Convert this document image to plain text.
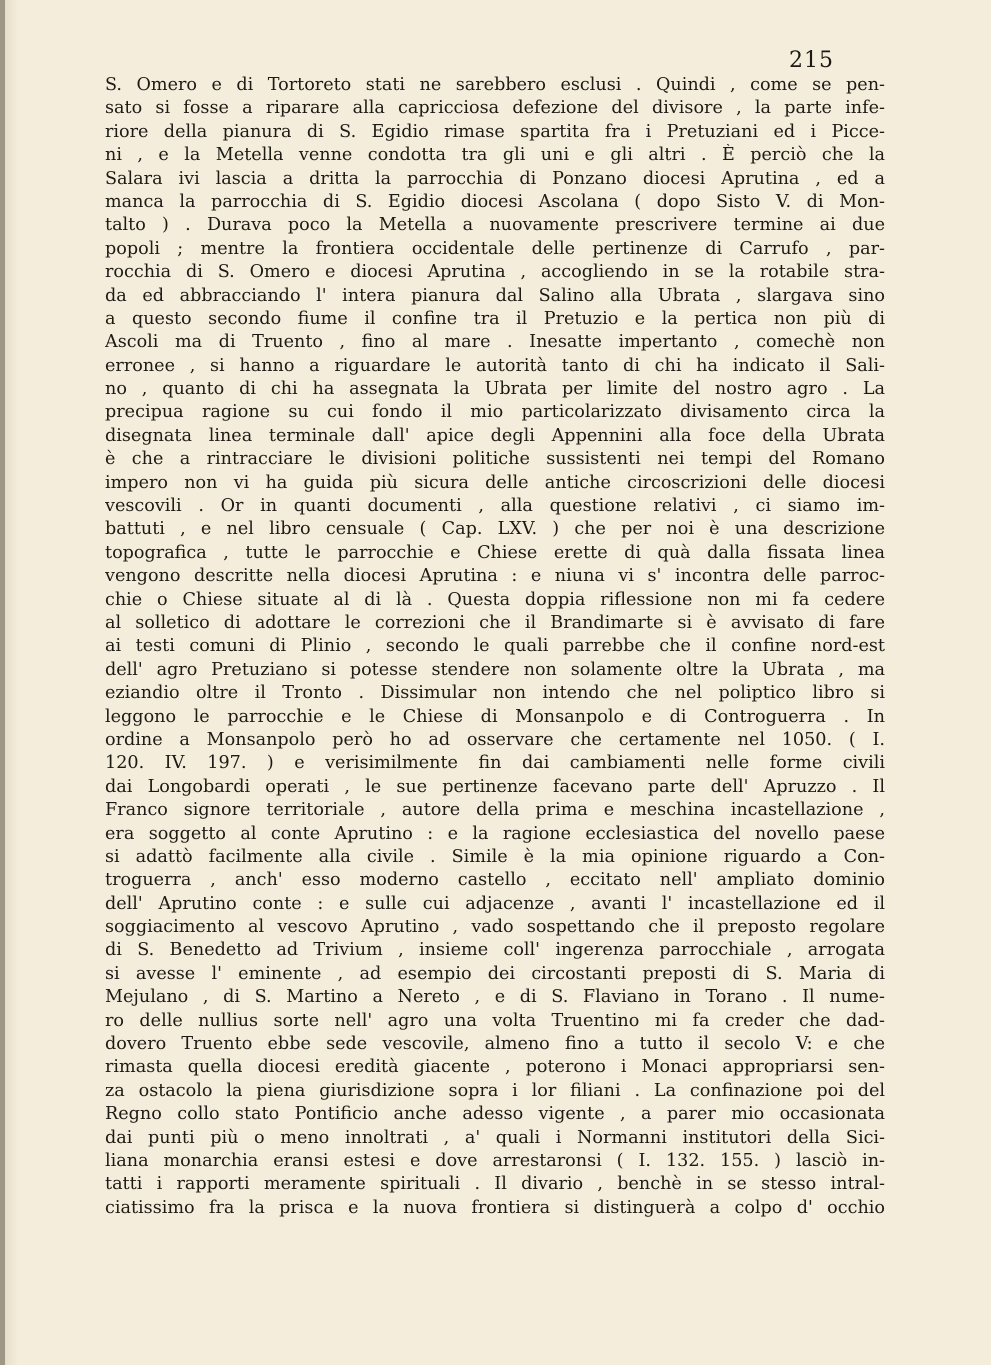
215
S. Omero e di Tortoreto stati ne sarebbero esclusi . Quindi , come se pen-
sato si fosse a riparare alla capricciosa defezione del divisore , la parte infe-
riore della pianura di S. Egidio rimase spartita fra i Pretuziani ed i Picce-
ni , e la Metella venne condotta tra gli uni e gli altri . È perciò che la
Salara ivi lascia a dritta la parrocchia di Ponzano diocesi Aprutina , ed a
manca la parrocchia di S. Egidio diocesi Ascolana ( dopo Sisto V. di Mon-
talto ) . Durava poco la Metella a nuovamente prescrivere termine ai due
popoli ; mentre la frontiera occidentale delle pertinenze di Carrufo , par-
rocchia di S. Omero e diocesi Aprutina , accogliendo in se la rotabile stra-
da ed abbracciando l' intera pianura dal Salino alla Ubrata , slargava sino
a questo secondo fiume il confine tra il Pretuzio e la pertica non più di
Ascoli ma di Truento , fino al mare . Inesatte impertanto , comechè non
erronee , si hanno a riguardare le autorità tanto di chi ha indicato il Sali-
no , quanto di chi ha assegnata la Ubrata per limite del nostro agro . La
precipua ragione su cui fondo il mio particolarizzato divisamento circa la
disegnata linea terminale dall' apice degli Appennini alla foce della Ubrata
è che a rintracciare le divisioni politiche sussistenti nei tempi del Romano
impero non vi ha guida più sicura delle antiche circoscrizioni delle diocesi
vescovili . Or in quanti documenti , alla questione relativi , ci siamo im-
battuti , e nel libro censuale ( Cap. LXV. ) che per noi è una descrizione
topografica , tutte le parrocchie e Chiese erette di quà dalla fissata linea
vengono descritte nella diocesi Aprutina : e niuna vi s' incontra delle parroc-
chie o Chiese situate al di là . Questa doppia riflessione non mi fa cedere
al solletico di adottare le correzioni che il Brandimarte si è avvisato di fare
ai testi comuni di Plinio , secondo le quali parrebbe che il confine nord-est
dell' agro Pretuziano si potesse stendere non solamente oltre la Ubrata , ma
eziandio oltre il Tronto . Dissimular non intendo che nel poliptico libro si
leggono le parrocchie e le Chiese di Monsanpolo e di Controguerra . In
ordine a Monsanpolo però ho ad osservare che certamente nel 1050. ( I.
120. IV. 197. ) e verisimilmente fin dai cambiamenti nelle forme civili
dai Longobardi operati , le sue pertinenze facevano parte dell' Apruzzo . Il
Franco signore territoriale , autore della prima e meschina incastellazione ,
era soggetto al conte Aprutino : e la ragione ecclesiastica del novello paese
si adattò facilmente alla civile . Simile è la mia opinione riguardo a Con-
troguerra , anch' esso moderno castello , eccitato nell' ampliato dominio
dell' Aprutino conte : e sulle cui adjacenze , avanti l' incastellazione ed il
soggiacimento al vescovo Aprutino , vado sospettando che il preposto regolare
di S. Benedetto ad Trivium , insieme coll' ingerenza parrocchiale , arrogata
si avesse l' eminente , ad esempio dei circostanti preposti di S. Maria di
Mejulano , di S. Martino a Nereto , e di S. Flaviano in Torano . Il nume-
ro delle nullius sorte nell' agro una volta Truentino mi fa creder che dad-
dovero Truento ebbe sede vescovile, almeno fino a tutto il secolo V: e che
rimasta quella diocesi eredità giacente , poterono i Monaci appropriarsi sen-
za ostacolo la piena giurisdizione sopra i lor filiani . La confinazione poi del
Regno collo stato Pontificio anche adesso vigente , a parer mio occasionata
dai punti più o meno innoltrati , a' quali i Normanni institutori della Sici-
liana monarchia eransi estesi e dove arrestaronsi ( I. 132. 155. ) lasciò in-
tatti i rapporti meramente spirituali . Il divario , benchè in se stesso intral-
ciatissimo fra la prisca e la nuova frontiera si distinguerà a colpo d' occhio
